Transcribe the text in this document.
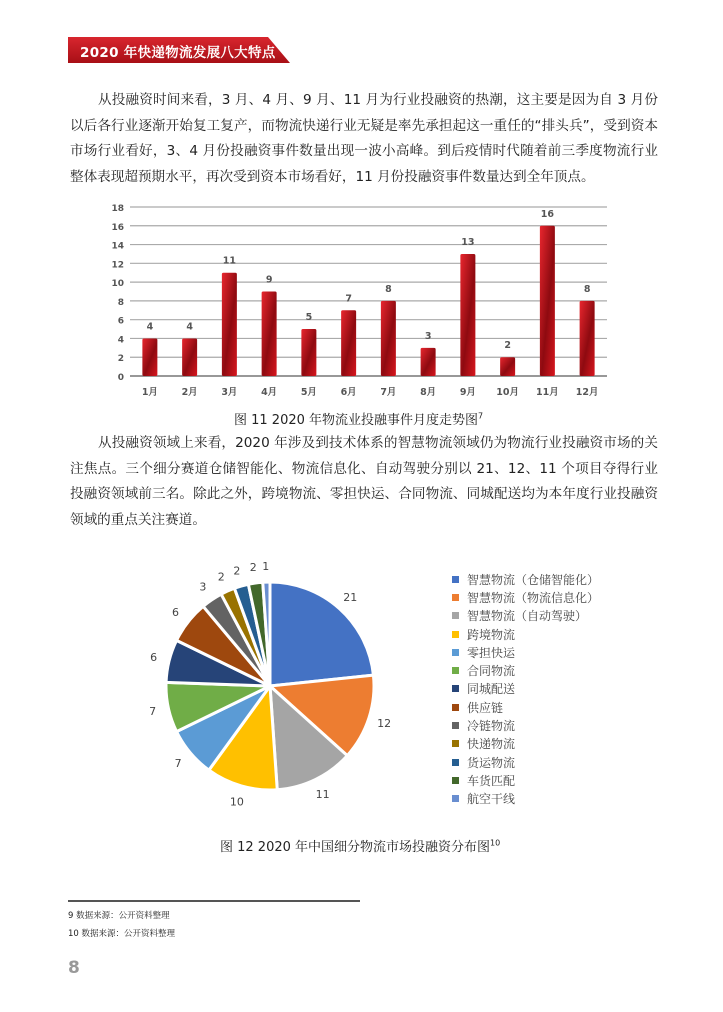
2020 年快递物流发展八大特点
从投融资时间来看，3 月、4 月、9 月、11 月为行业投融资的热潮，这主要是因为自 3 月份以后各行业逐渐开始复工复产，而物流快递行业无疑是率先承担起这一重任的“排头兵”，受到资本市场行业看好，3、4 月份投融资事件数量出现一波小高峰。到后疫情时代随着前三季度物流行业整体表现超预期水平，再次受到资本市场看好，11 月份投融资事件数量达到全年顶点。
0
2
4
6
8
10
12
14
16
18
4
1月
4
2月
11
3月
9
4月
5
5月
7
6月
8
7月
3
8月
13
9月
2
10月
16
11月
8
12月
图 11 2020 年物流业投融事件月度走势图$^7$
从投融资领域上来看，2020 年涉及到技术体系的智慧物流领域仍为物流行业投融资市场的关注焦点。三个细分赛道仓储智能化、物流信息化、自动驾驶分别以 21、12、11 个项目夺得行业投融资领域前三名。除此之外，跨境物流、零担快运、合同物流、同城配送均为本年度行业投融资领域的重点关注赛道。
21
12
11
10
7
7
6
6
3
2 2 2 1
智慧物流（仓储智能化）
智慧物流（物流信息化）
智慧物流（自动驾驶）
跨境物流
零担快运
合同物流
同城配送
供应链
冷链物流
快递物流
货运物流
车货匹配
航空干线
图 12 2020 年中国细分物流市场投融资分布图$^{10}$
9 数据来源：公开资料整理
10 数据来源：公开资料整理
8
